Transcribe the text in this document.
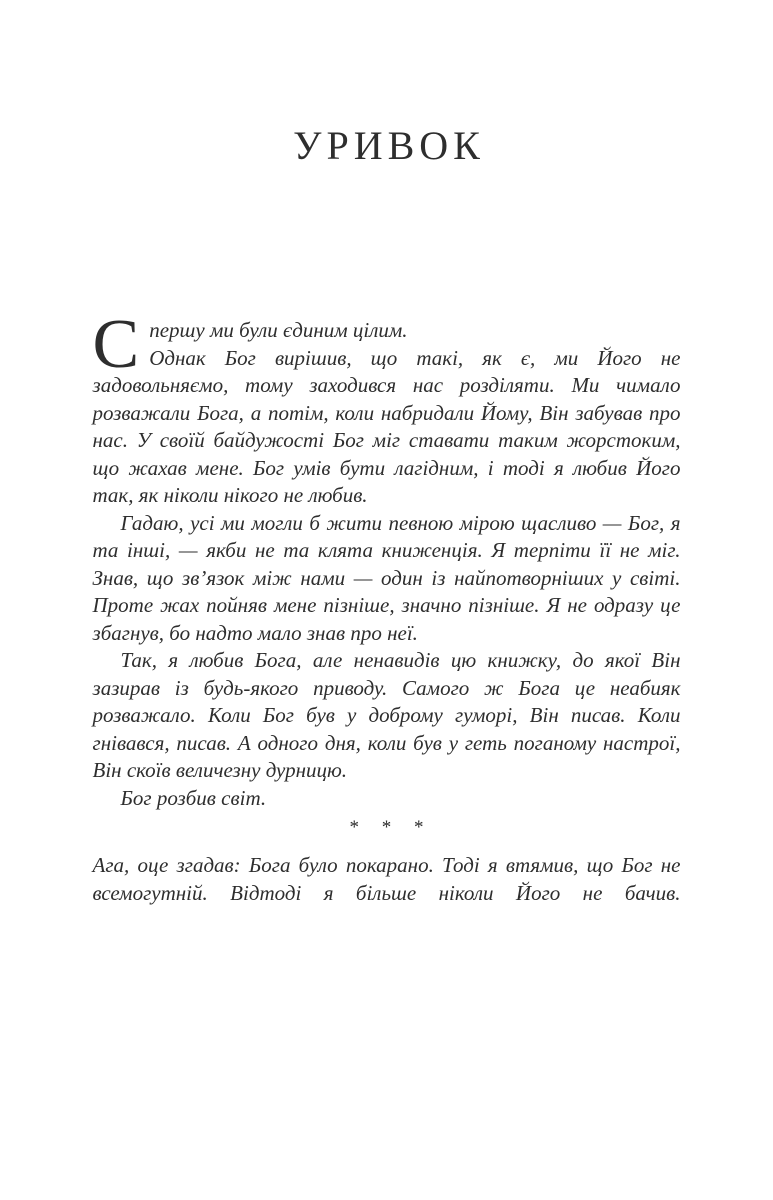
УРИВОК

Спершу ми були єдиним цілим.

Однак Бог вирішив, що такі, як є, ми Його не задовольняємо, тому заходився нас розділяти. Ми чимало розважали Бога, а потім, коли набридали Йому, Він забував про нас. У своїй байдужості Бог міг ставати таким жорстоким, що жахав мене. Бог умів бути лагідним, і тоді я любив Його так, як ніколи нікого не любив.

Гадаю, усі ми могли б жити певною мірою щасливо — Бог, я та інші, — якби не та клята книженція. Я терпіти її не міг. Знав, що зв’язок між нами — один із найпотворніших у світі. Проте жах пойняв мене пізніше, значно пізніше. Я не одразу це збагнув, бо надто мало знав про неї.

Так, я любив Бога, але ненавидів цю книжку, до якої Він зазирав із будь-якого приводу. Самого ж Бога це неабияк розважало. Коли Бог був у доброму гуморі, Він писав. Коли гнівався, писав. А одного дня, коли був у геть поганому настрої, Він скоїв величезну дурницю.

Бог розбив світ.

* * *

Ага, оце згадав: Бога було покарано. Тоді я втямив, що Бог не всемогутній. Відтоді я більше ніколи Його не бачив.
